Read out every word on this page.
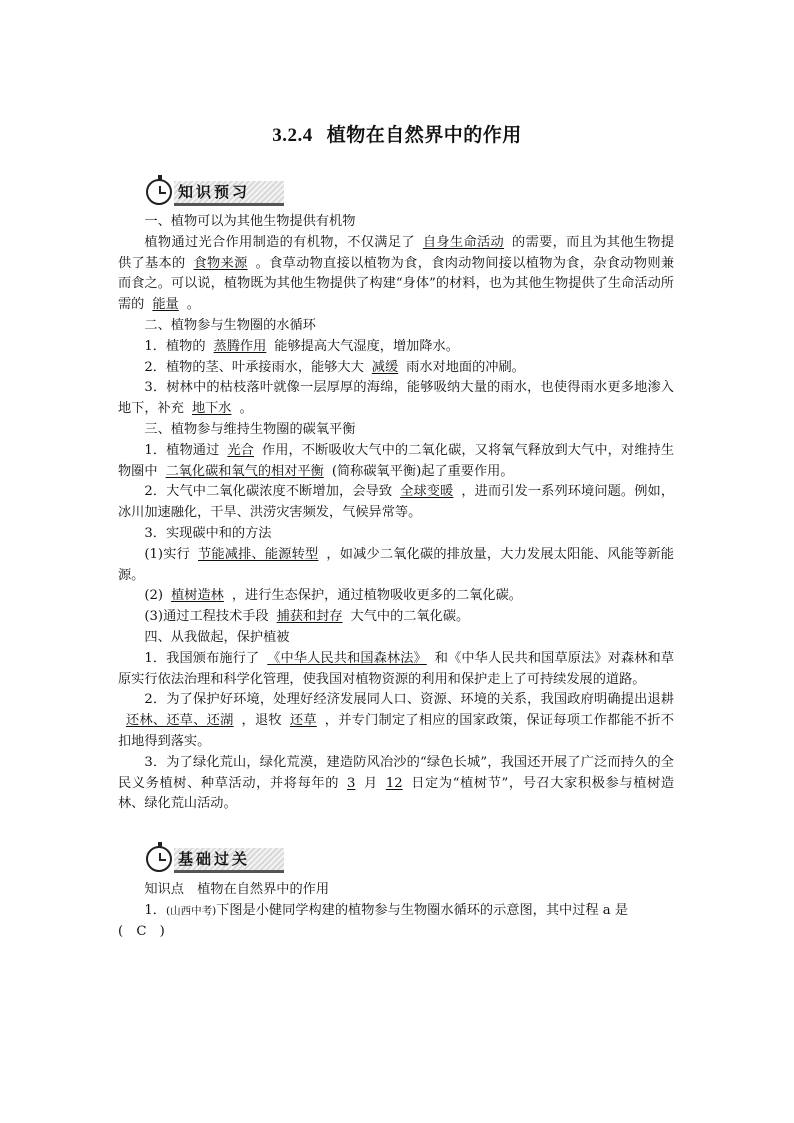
3.2.4 植物在自然界中的作用
知识预习

一、植物可以为其他生物提供有机物

植物通过光合作用制造的有机物，不仅满足了 自身生命活动 的需要，而且为其他生物提供了基本的 食物来源 。食草动物直接以植物为食，食肉动物间接以植物为食，杂食动物则兼而食之。可以说，植物既为其他生物提供了构建“身体”的材料，也为其他生物提供了生命活动所需的 能量 。

二、植物参与生物圈的水循环

1．植物的 蒸腾作用 能够提高大气湿度，增加降水。

2．植物的茎、叶承接雨水，能够大大 减缓 雨水对地面的冲刷。

3．树林中的枯枝落叶就像一层厚厚的海绵，能够吸纳大量的雨水，也使得雨水更多地渗入地下，补充 地下水 。

三、植物参与维持生物圈的碳氧平衡

1．植物通过 光合 作用，不断吸收大气中的二氧化碳，又将氧气释放到大气中，对维持生物圈中 二氧化碳和氧气的相对平衡 (简称碳氧平衡)起了重要作用。

2．大气中二氧化碳浓度不断增加，会导致 全球变暖 ，进而引发一系列环境问题。例如，冰川加速融化，干旱、洪涝灾害频发，气候异常等。

3．实现碳中和的方法

(1)实行 节能减排、能源转型 ，如减少二氧化碳的排放量，大力发展太阳能、风能等新能源。

(2) 植树造林 ，进行生态保护，通过植物吸收更多的二氧化碳。

(3)通过工程技术手段 捕获和封存 大气中的二氧化碳。

四、从我做起，保护植被

1．我国颁布施行了 《中华人民共和国森林法》 和《中华人民共和国草原法》对森林和草原实行依法治理和科学化管理，使我国对植物资源的利用和保护走上了可持续发展的道路。

2．为了保护好环境，处理好经济发展同人口、资源、环境的关系，我国政府明确提出退耕还林、还草、还湖 ，退牧 还草 ，并专门制定了相应的国家政策，保证每项工作都能不折不扣地得到落实。

3．为了绿化荒山，绿化荒漠，建造防风冶沙的“绿色长城”，我国还开展了广泛而持久的全民义务植树、种草活动，并将每年的 3 月 12 日定为“植树节”，号召大家积极参与植树造林、绿化荒山活动。

基础过关

知识点　植物在自然界中的作用

1．(山西中考)下图是小健同学构建的植物参与生物圈水循环的示意图，其中过程 a 是

(　C　)
